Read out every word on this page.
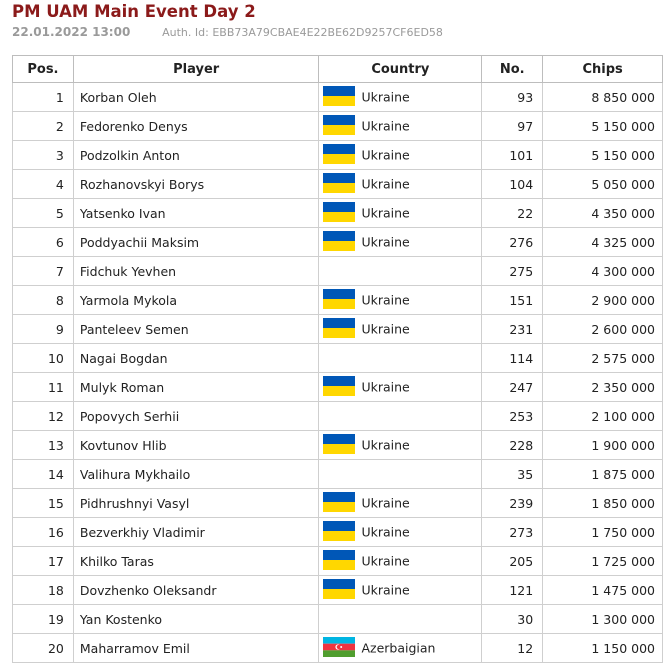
PM UAM Main Event Day 2
22.01.2022 13:00	Auth. Id: EBB73A79CBAE4E22BE62D9257CF6ED58
Pos.	Player	Country	No.	Chips
1	Korban Oleh	Ukraine	93	8 850 000
2	Fedorenko Denys	Ukraine	97	5 150 000
3	Podzolkin Anton	Ukraine	101	5 150 000
4	Rozhanovskyi Borys	Ukraine	104	5 050 000
5	Yatsenko Ivan	Ukraine	22	4 350 000
6	Poddyachii Maksim	Ukraine	276	4 325 000
7	Fidchuk Yevhen		275	4 300 000
8	Yarmola Mykola	Ukraine	151	2 900 000
9	Panteleev Semen	Ukraine	231	2 600 000
10	Nagai Bogdan		114	2 575 000
11	Mulyk Roman	Ukraine	247	2 350 000
12	Popovych Serhii		253	2 100 000
13	Kovtunov Hlib	Ukraine	228	1 900 000
14	Valihura Mykhailo		35	1 875 000
15	Pidhrushnyi Vasyl	Ukraine	239	1 850 000
16	Bezverkhiy Vladimir	Ukraine	273	1 750 000
17	Khilko Taras	Ukraine	205	1 725 000
18	Dovzhenko Oleksandr	Ukraine	121	1 475 000
19	Yan Kostenko		30	1 300 000
20	Maharramov Emil	Azerbaigian	12	1 150 000
